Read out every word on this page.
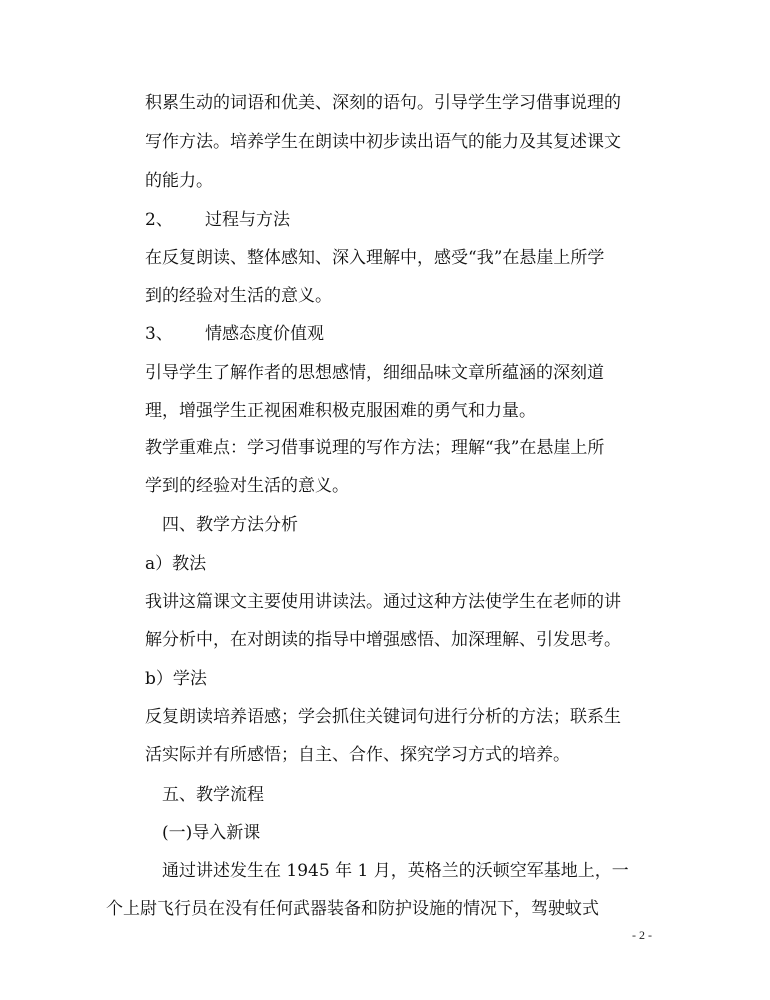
积累生动的词语和优美、深刻的语句。引导学生学习借事说理的
写作方法。培养学生在朗读中初步读出语气的能力及其复述课文
的能力。
2、 过程与方法
在反复朗读、整体感知、深入理解中，感受“我”在悬崖上所学
到的经验对生活的意义。
3、 情感态度价值观
引导学生了解作者的思想感情，细细品味文章所蕴涵的深刻道
理，增强学生正视困难积极克服困难的勇气和力量。
教学重难点：学习借事说理的写作方法；理解“我”在悬崖上所
学到的经验对生活的意义。
四、教学方法分析
a）教法
我讲这篇课文主要使用讲读法。通过这种方法使学生在老师的讲
解分析中，在对朗读的指导中增强感悟、加深理解、引发思考。
b）学法
反复朗读培养语感；学会抓住关键词句进行分析的方法；联系生
活实际并有所感悟；自主、合作、探究学习方式的培养。
五、教学流程
(一)导入新课
通过讲述发生在 1945 年 1 月，英格兰的沃顿空军基地上，一
个上尉飞行员在没有任何武器装备和防护设施的情况下，驾驶蚊式
- 2 -
